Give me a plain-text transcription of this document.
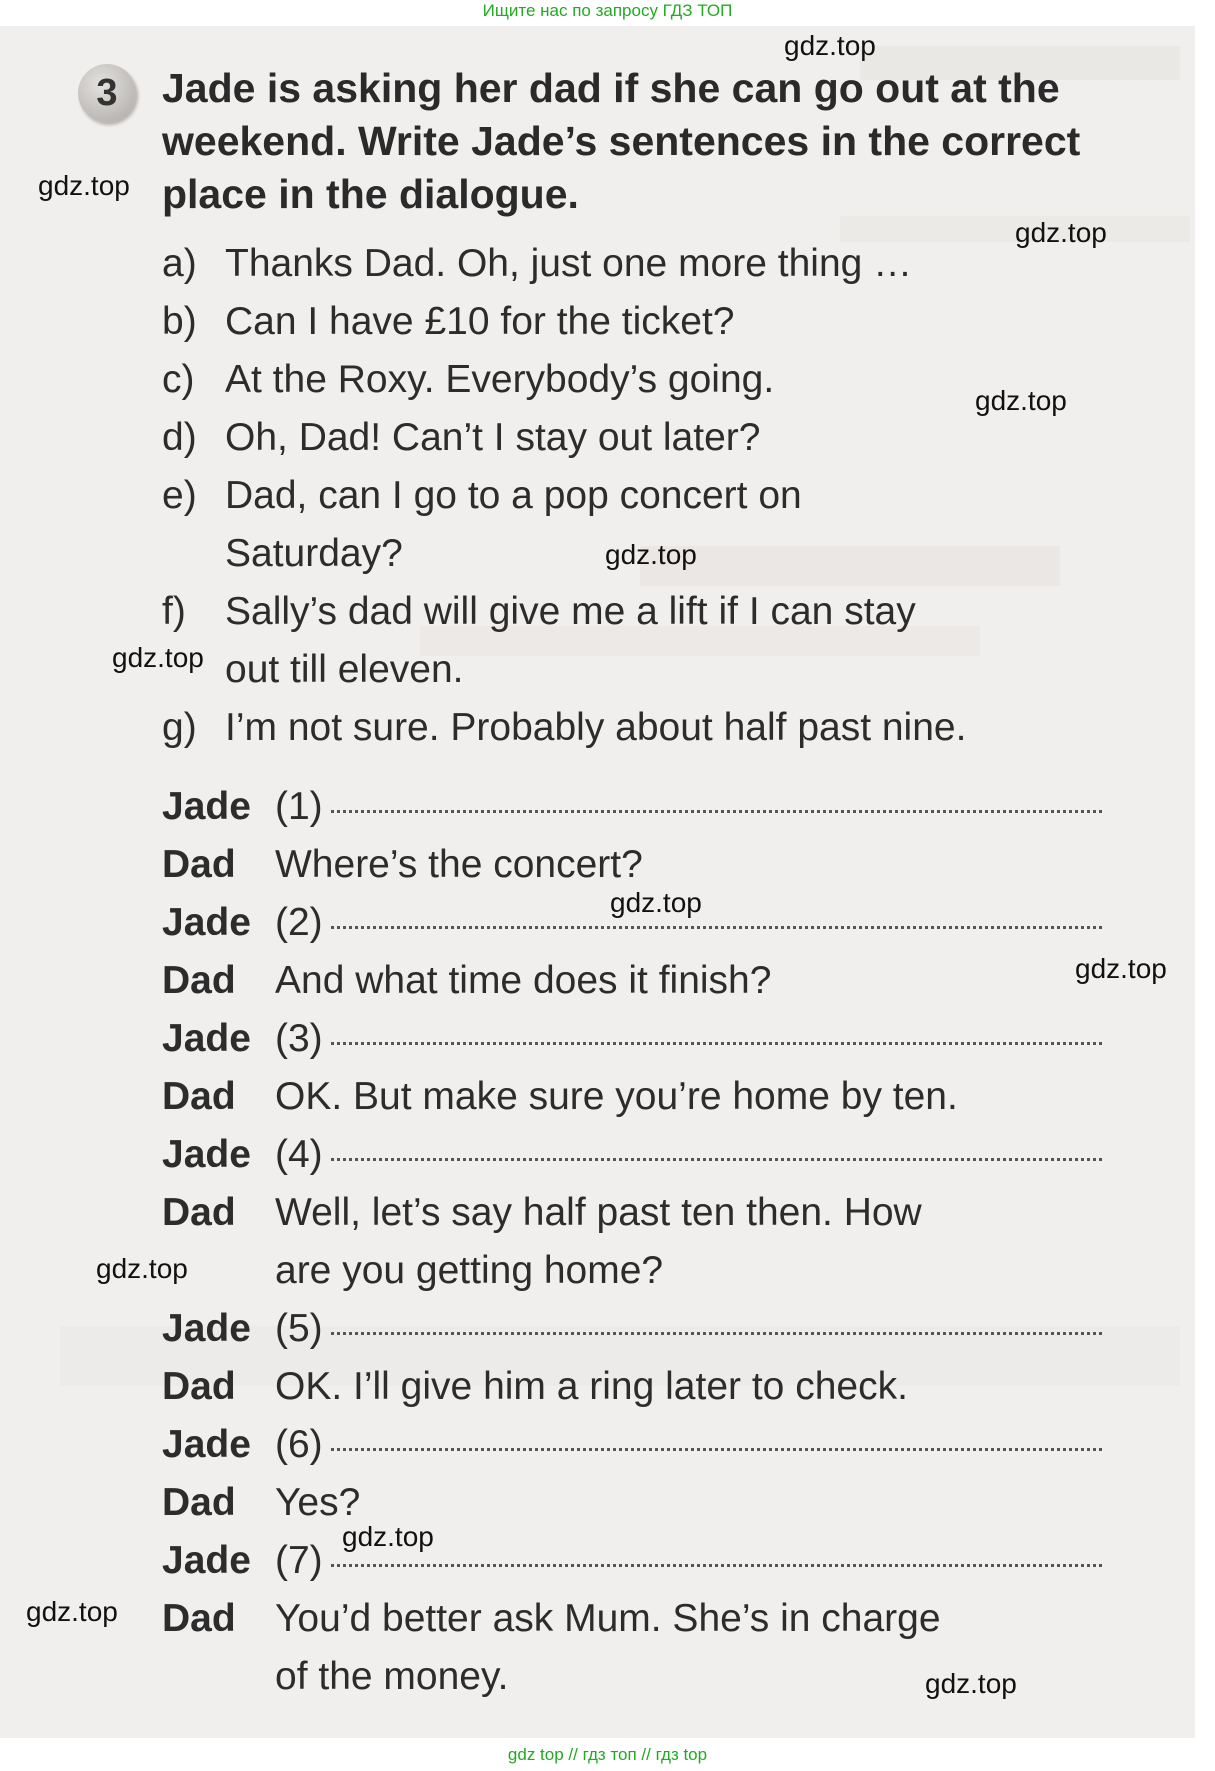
Ищите нас по запросу ГДЗ ТОП
3	Jade is asking her dad if she can go out at the weekend. Write Jade’s sentences in the correct place in the dialogue.
a) Thanks Dad. Oh, just one more thing …
b) Can I have £10 for the ticket?
c) At the Roxy. Everybody’s going.
d) Oh, Dad! Can’t I stay out later?
e) Dad, can I go to a pop concert on
Saturday?
f) Sally’s dad will give me a lift if I can stay
out till eleven.
g) I’m not sure. Probably about half past nine.
Jade (1)
Dad	Where’s the concert?
Jade (2)
Dad	And what time does it finish?
Jade (3)
Dad	OK. But make sure you’re home by ten.
Jade (4)
Dad	Well, let’s say half past ten then. How
are you getting home?
Jade (5)
Dad	OK. I’ll give him a ring later to check.
Jade (6)
Dad	Yes?
Jade (7)
Dad	You’d better ask Mum. She’s in charge
of the money.
gdz.top
gdz.top
gdz.top
gdz.top
gdz.top
gdz.top
gdz.top
gdz.top
gdz.top
gdz.top
gdz.top
gdz.top
gdz top // гдз топ // гдз top
